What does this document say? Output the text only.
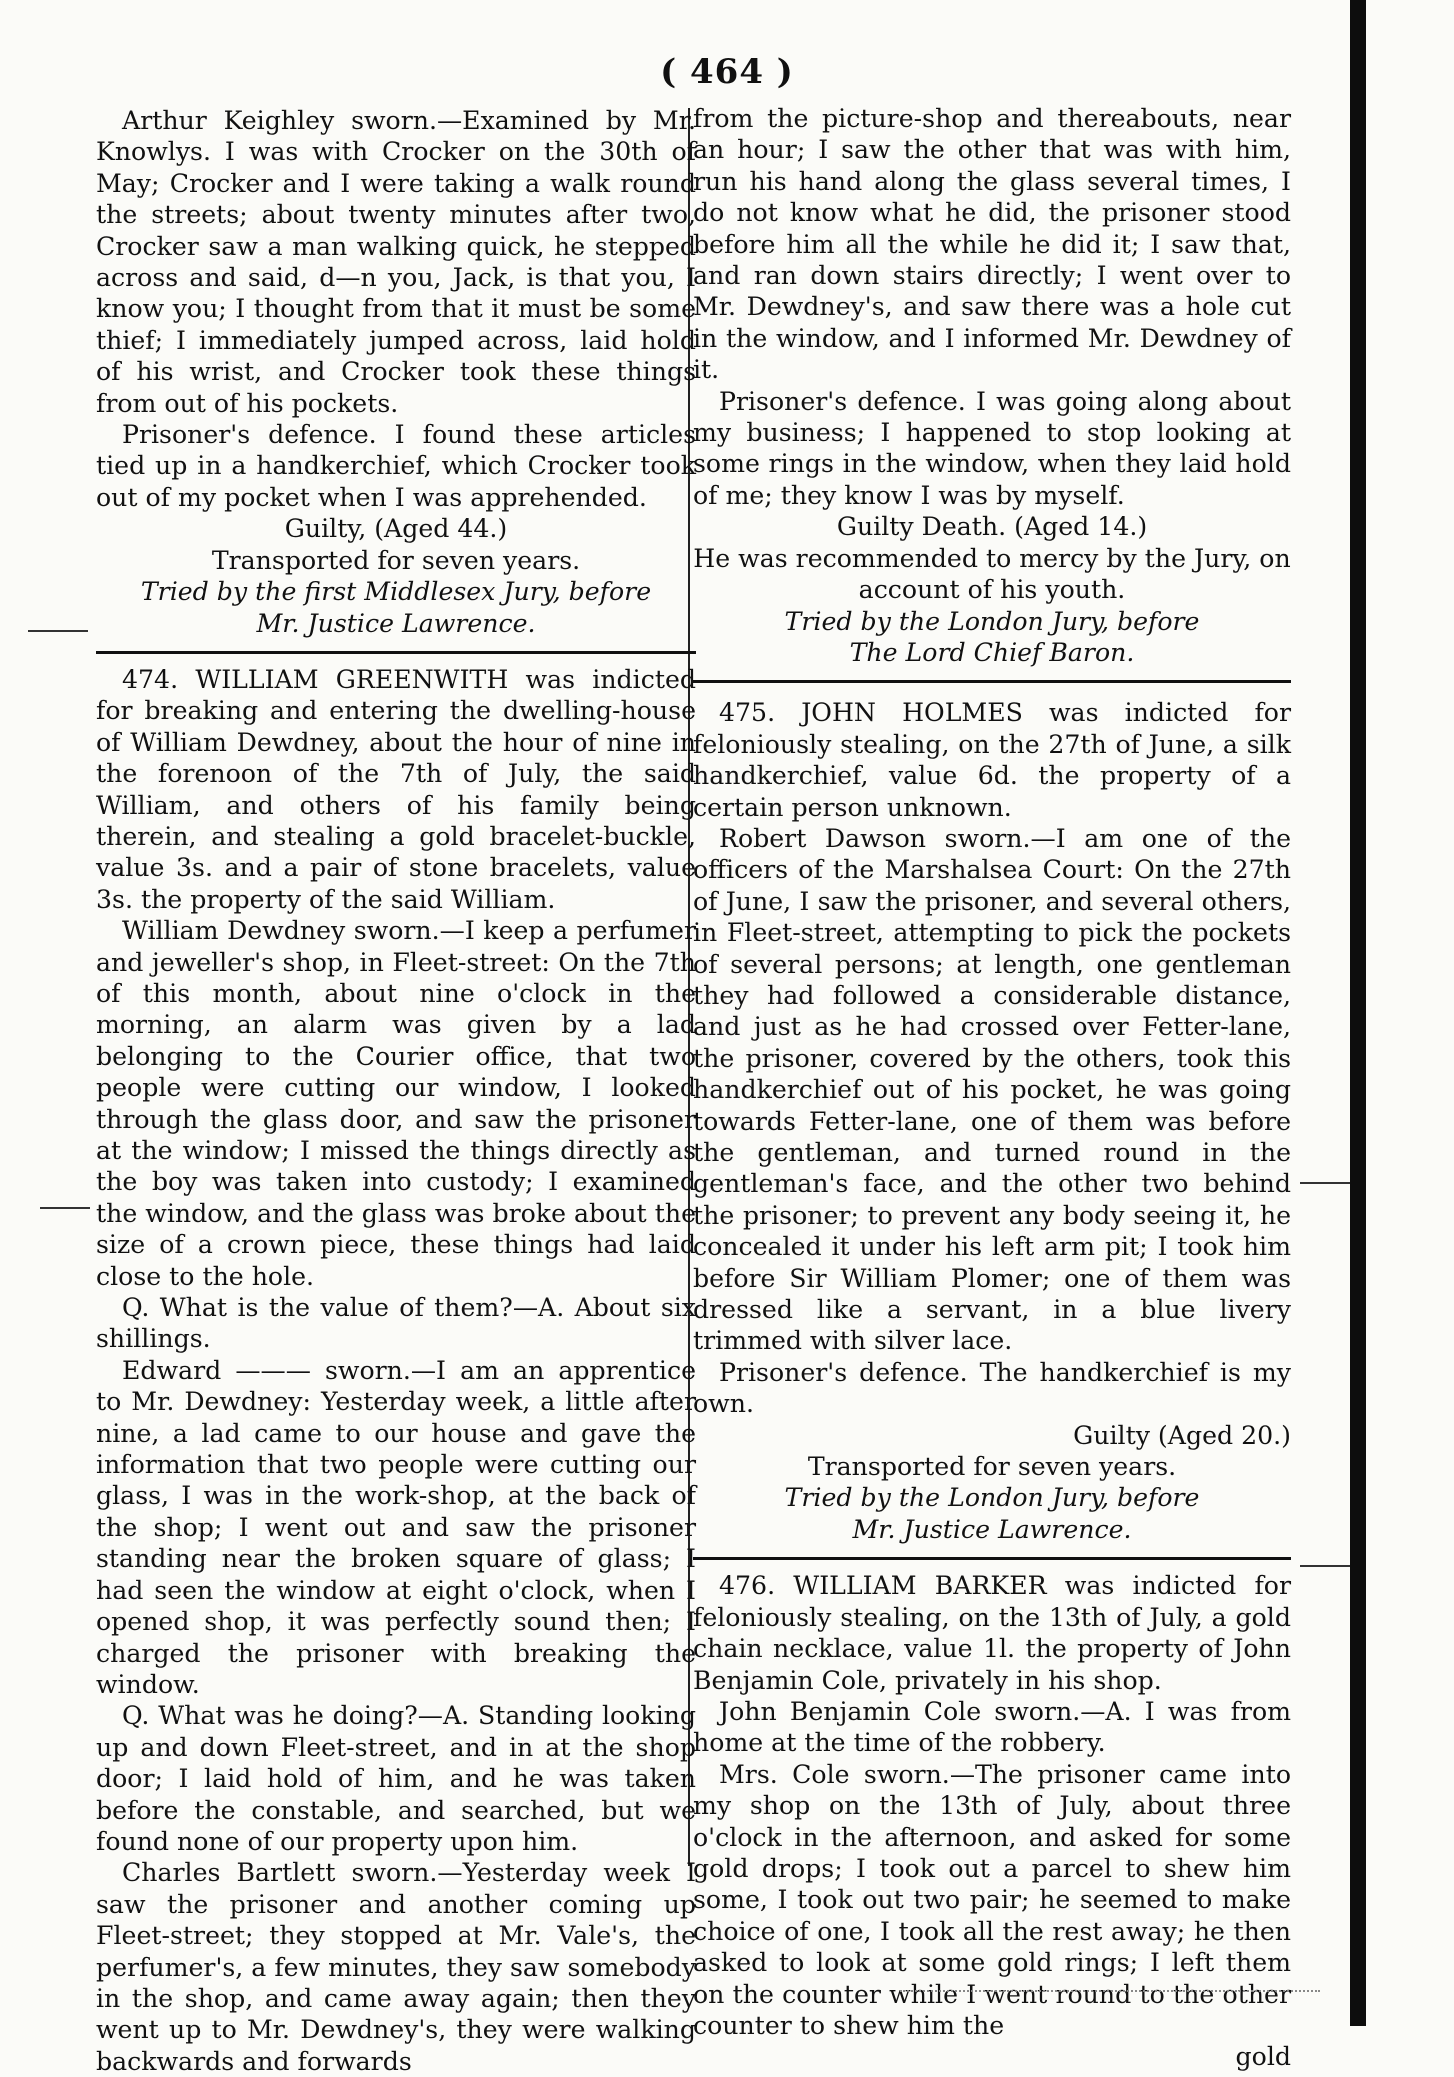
( 464 )

Arthur Keighley sworn.—Examined by Mr. Knowlys. I was with Crocker on the 30th of May; Crocker and I were taking a walk round the streets; about twenty minutes after two, Crocker saw a man walking quick, he stepped across and said, d—n you, Jack, is that you, I know you; I thought from that it must be some thief; I immediately jumped across, laid hold of his wrist, and Crocker took these things from out of his pockets.

Prisoner's defence. I found these articles tied up in a handkerchief, which Crocker took out of my pocket when I was apprehended.

Guilty, (Aged 44.)

Transported for seven years.

Tried by the first Middlesex Jury, before

Mr. Justice Lawrence.

474. WILLIAM GREENWITH was indicted for breaking and entering the dwelling-house of William Dewdney, about the hour of nine in the forenoon of the 7th of July, the said William, and others of his family being therein, and stealing a gold bracelet-buckle, value 3s. and a pair of stone bracelets, value 3s. the property of the said William.

William Dewdney sworn.—I keep a perfumer and jeweller's shop, in Fleet-street: On the 7th of this month, about nine o'clock in the morning, an alarm was given by a lad belonging to the Courier office, that two people were cutting our window, I looked through the glass door, and saw the prisoner at the window; I missed the things directly as the boy was taken into custody; I examined the window, and the glass was broke about the size of a crown piece, these things had laid close to the hole.

Q. What is the value of them?—A. About six shillings.

Edward ——— sworn.—I am an apprentice to Mr. Dewdney: Yesterday week, a little after nine, a lad came to our house and gave the information that two people were cutting our glass, I was in the work-shop, at the back of the shop; I went out and saw the prisoner standing near the broken square of glass; I had seen the window at eight o'clock, when I opened shop, it was perfectly sound then; I charged the prisoner with breaking the window.

Q. What was he doing?—A. Standing looking up and down Fleet-street, and in at the shop door; I laid hold of him, and he was taken before the constable, and searched, but we found none of our property upon him.

Charles Bartlett sworn.—Yesterday week I saw the prisoner and another coming up Fleet-street; they stopped at Mr. Vale's, the perfumer's, a few minutes, they saw somebody in the shop, and came away again; then they went up to Mr. Dewdney's, they were walking backwards and forwards

from the picture-shop and thereabouts, near an hour; I saw the other that was with him, run his hand along the glass several times, I do not know what he did, the prisoner stood before him all the while he did it; I saw that, and ran down stairs directly; I went over to Mr. Dewdney's, and saw there was a hole cut in the window, and I informed Mr. Dewdney of it.

Prisoner's defence. I was going along about my business; I happened to stop looking at some rings in the window, when they laid hold of me; they know I was by myself.

Guilty Death. (Aged 14.)

He was recommended to mercy by the Jury, on account of his youth.

Tried by the London Jury, before

The Lord Chief Baron.

475. JOHN HOLMES was indicted for feloniously stealing, on the 27th of June, a silk handkerchief, value 6d. the property of a certain person unknown.

Robert Dawson sworn.—I am one of the officers of the Marshalsea Court: On the 27th of June, I saw the prisoner, and several others, in Fleet-street, attempting to pick the pockets of several persons; at length, one gentleman they had followed a considerable distance, and just as he had crossed over Fetter-lane, the prisoner, covered by the others, took this handkerchief out of his pocket, he was going towards Fetter-lane, one of them was before the gentleman, and turned round in the gentleman's face, and the other two behind the prisoner; to prevent any body seeing it, he concealed it under his left arm pit; I took him before Sir William Plomer; one of them was dressed like a servant, in a blue livery trimmed with silver lace.

Prisoner's defence. The handkerchief is my own.

Guilty (Aged 20.)

Transported for seven years.

Tried by the London Jury, before

Mr. Justice Lawrence.

476. WILLIAM BARKER was indicted for feloniously stealing, on the 13th of July, a gold chain necklace, value 1l. the property of John Benjamin Cole, privately in his shop.

John Benjamin Cole sworn.—A. I was from home at the time of the robbery.

Mrs. Cole sworn.—The prisoner came into my shop on the 13th of July, about three o'clock in the afternoon, and asked for some gold drops; I took out a parcel to shew him some, I took out two pair; he seemed to make choice of one, I took all the rest away; he then asked to look at some gold rings; I left them on the counter while I went round to the other counter to shew him the

gold
